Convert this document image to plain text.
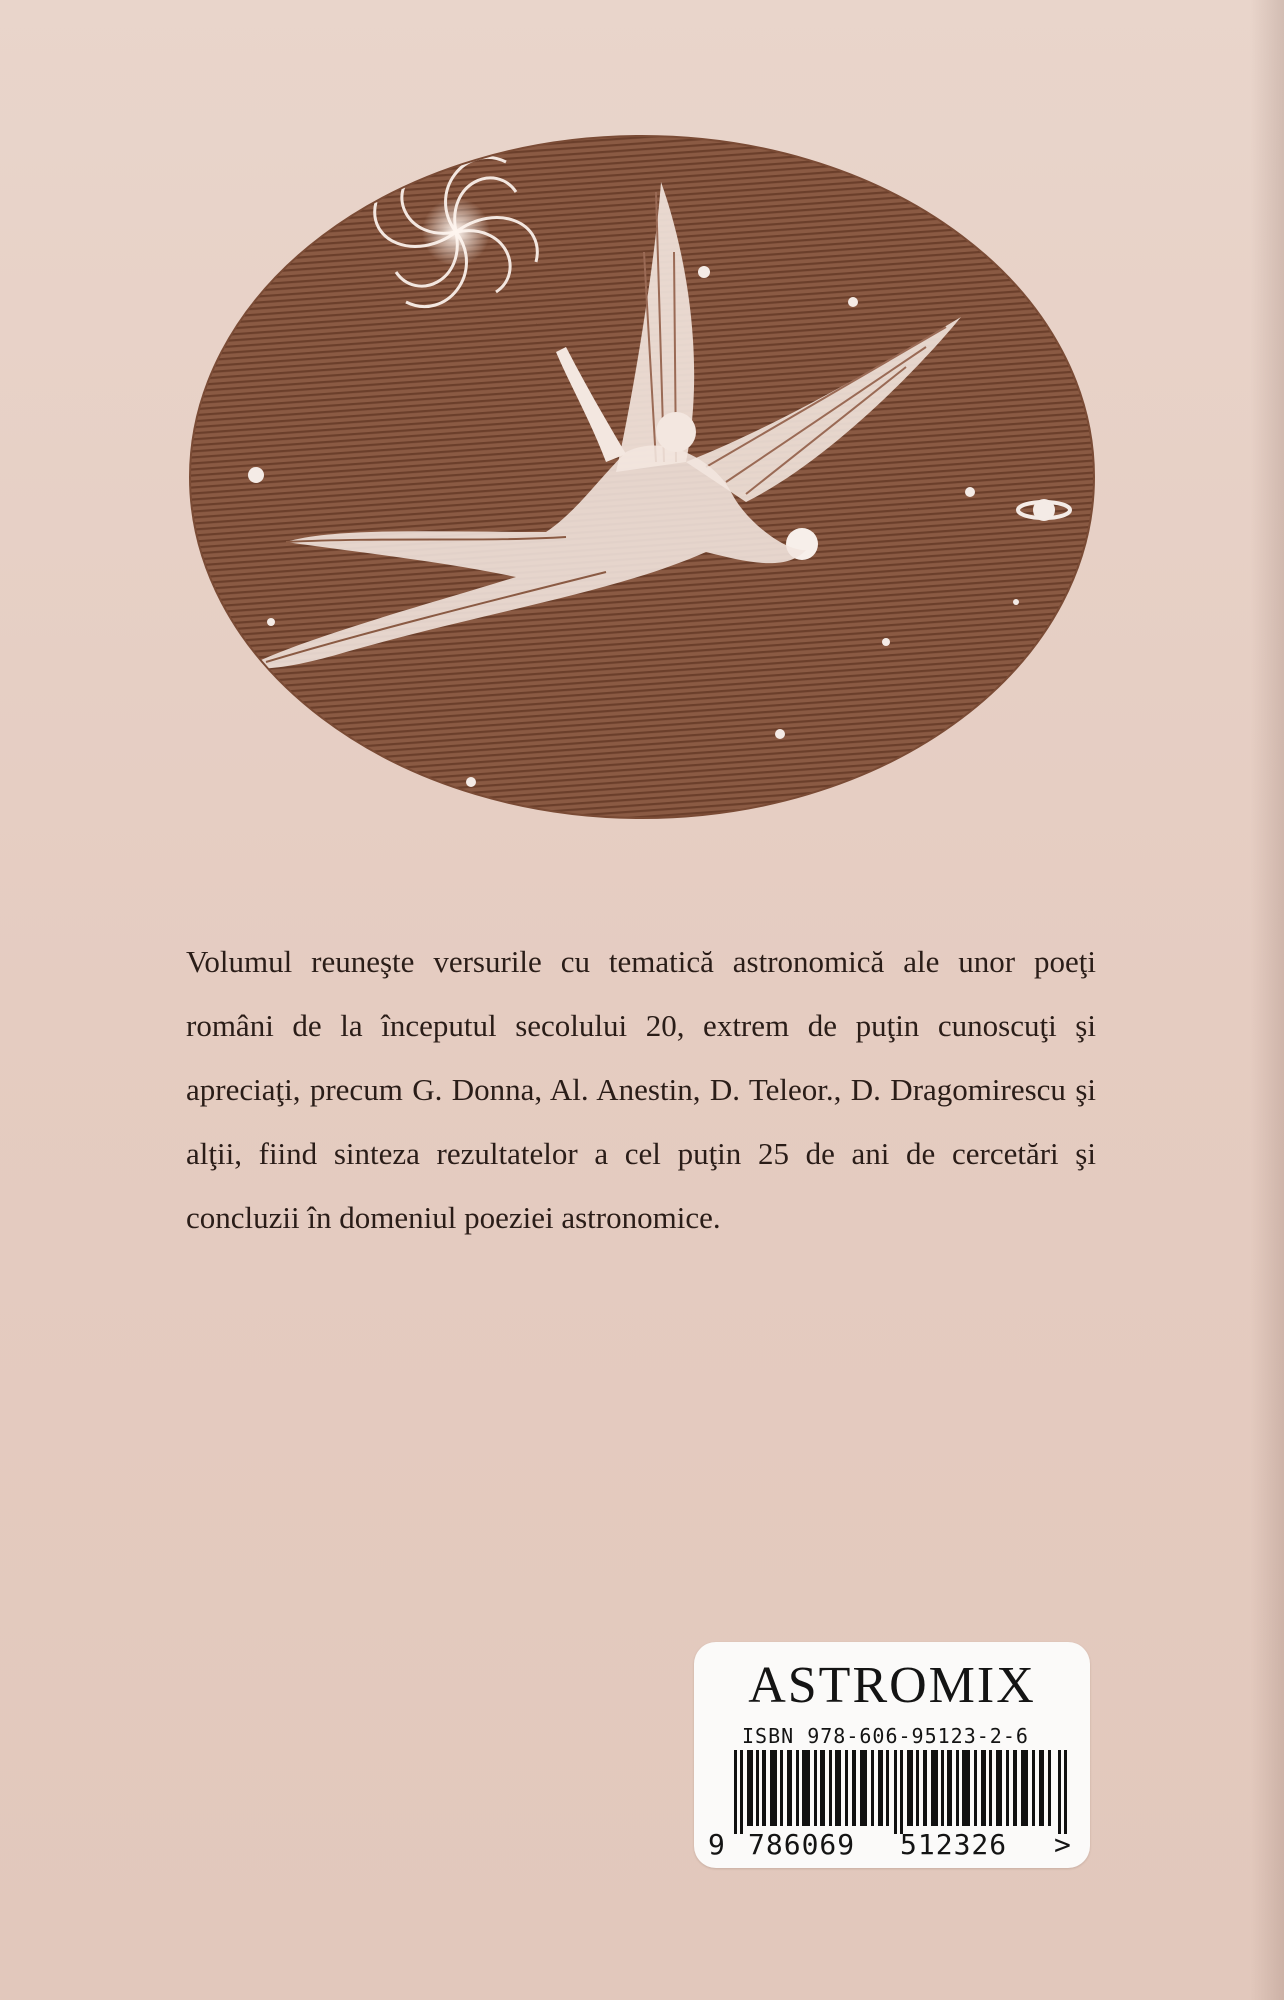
Volumul reuneşte versurile cu tematică astronomică ale unor poeţi români de la începutul secolului 20, extrem de puţin cunoscuţi şi apreciaţi, precum G. Donna, Al. Anestin, D. Teleor., D. Dragomirescu şi alţii, fiind sinteza rezultatelor a cel puţin 25 de ani de cercetări şi concluzii în domeniul poeziei astronomice.

ASTROMIX
ISBN 978-606-95123-2-6
9 786069 512326 >
